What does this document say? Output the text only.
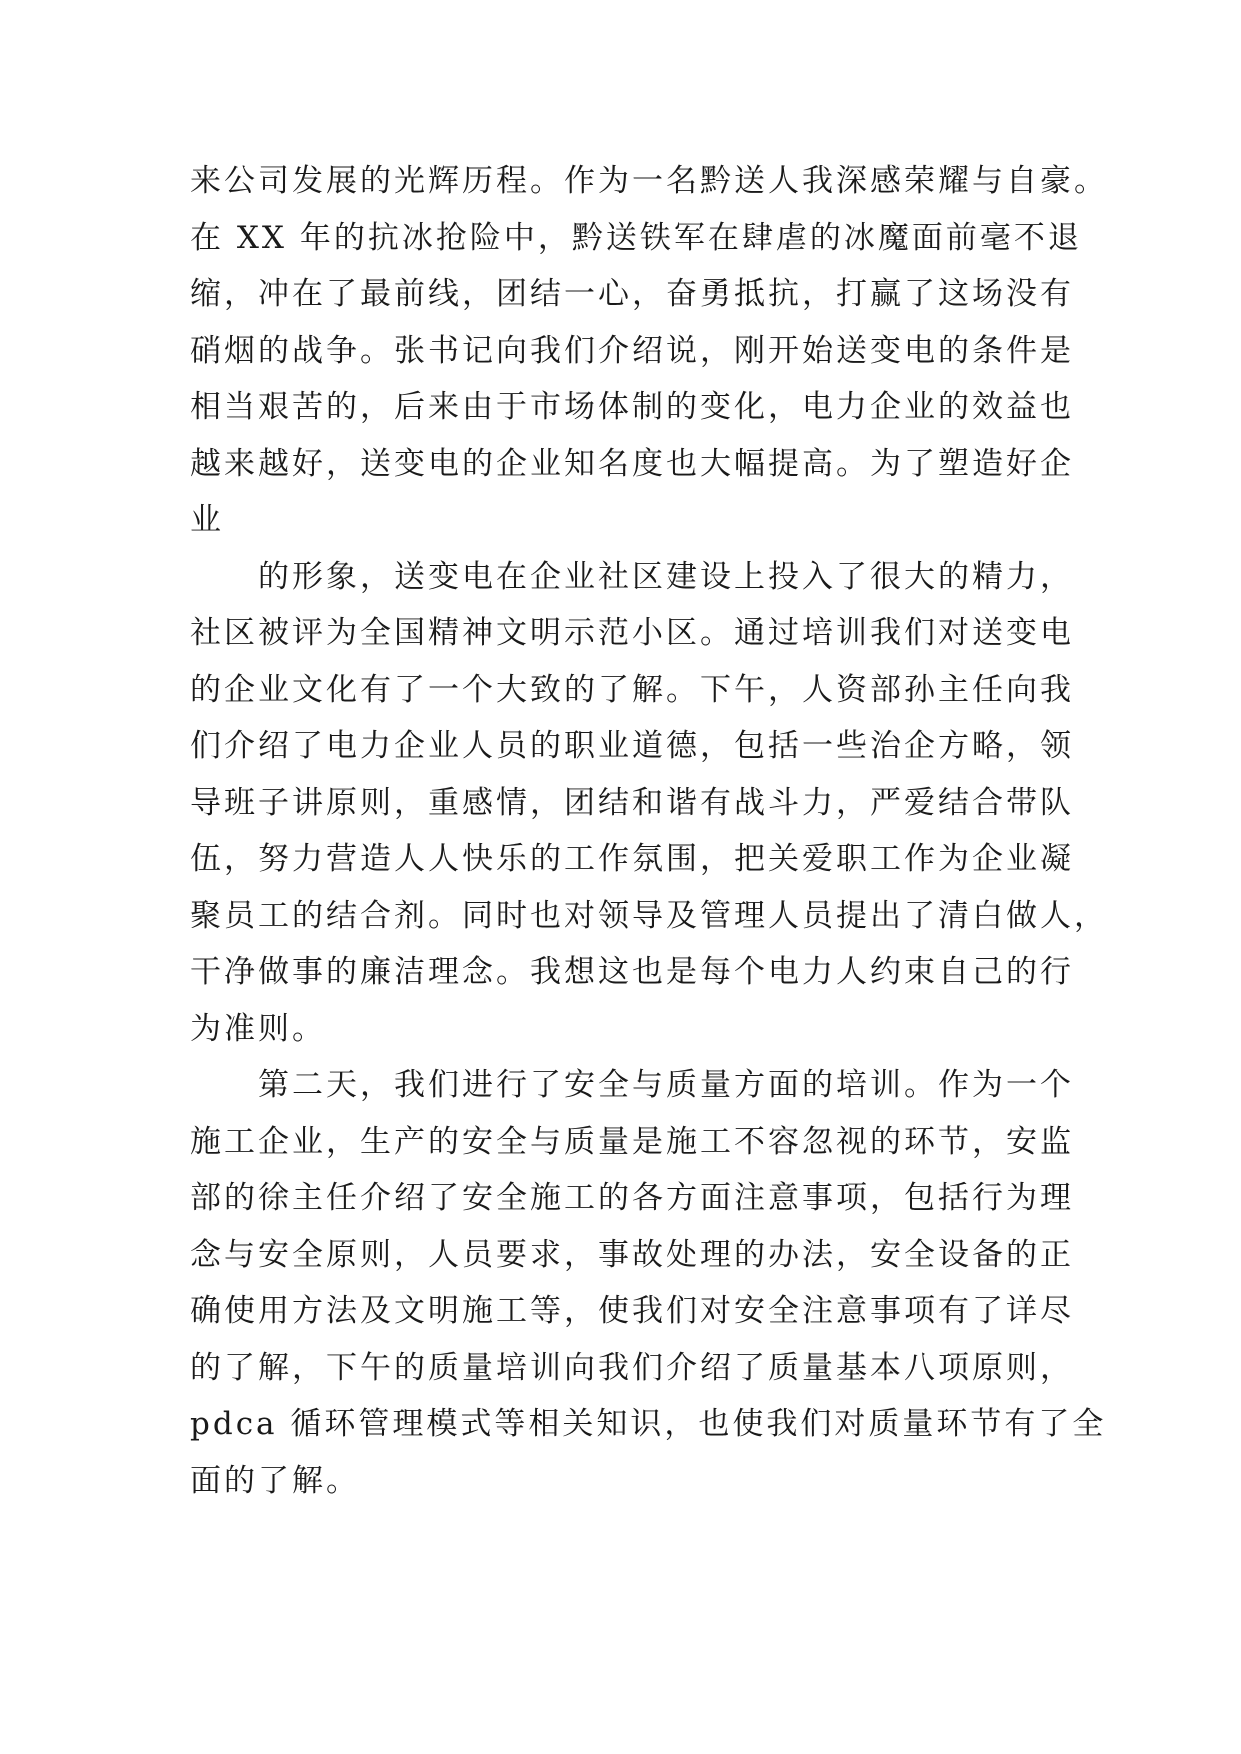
来公司发展的光辉历程。作为一名黔送人我深感荣耀与自豪。
在 XX 年的抗冰抢险中，黔送铁军在肆虐的冰魔面前毫不退
缩，冲在了最前线，团结一心，奋勇抵抗，打赢了这场没有
硝烟的战争。张书记向我们介绍说，刚开始送变电的条件是
相当艰苦的，后来由于市场体制的变化，电力企业的效益也
越来越好，送变电的企业知名度也大幅提高。为了塑造好企
业
的形象，送变电在企业社区建设上投入了很大的精力，
社区被评为全国精神文明示范小区。通过培训我们对送变电
的企业文化有了一个大致的了解。下午，人资部孙主任向我
们介绍了电力企业人员的职业道德，包括一些治企方略，领
导班子讲原则，重感情，团结和谐有战斗力，严爱结合带队
伍，努力营造人人快乐的工作氛围，把关爱职工作为企业凝
聚员工的结合剂。同时也对领导及管理人员提出了清白做人，
干净做事的廉洁理念。我想这也是每个电力人约束自己的行
为准则。
第二天，我们进行了安全与质量方面的培训。作为一个
施工企业，生产的安全与质量是施工不容忽视的环节，安监
部的徐主任介绍了安全施工的各方面注意事项，包括行为理
念与安全原则，人员要求，事故处理的办法，安全设备的正
确使用方法及文明施工等，使我们对安全注意事项有了详尽
的了解，下午的质量培训向我们介绍了质量基本八项原则，
pdca 循环管理模式等相关知识，也使我们对质量环节有了全
面的了解。
